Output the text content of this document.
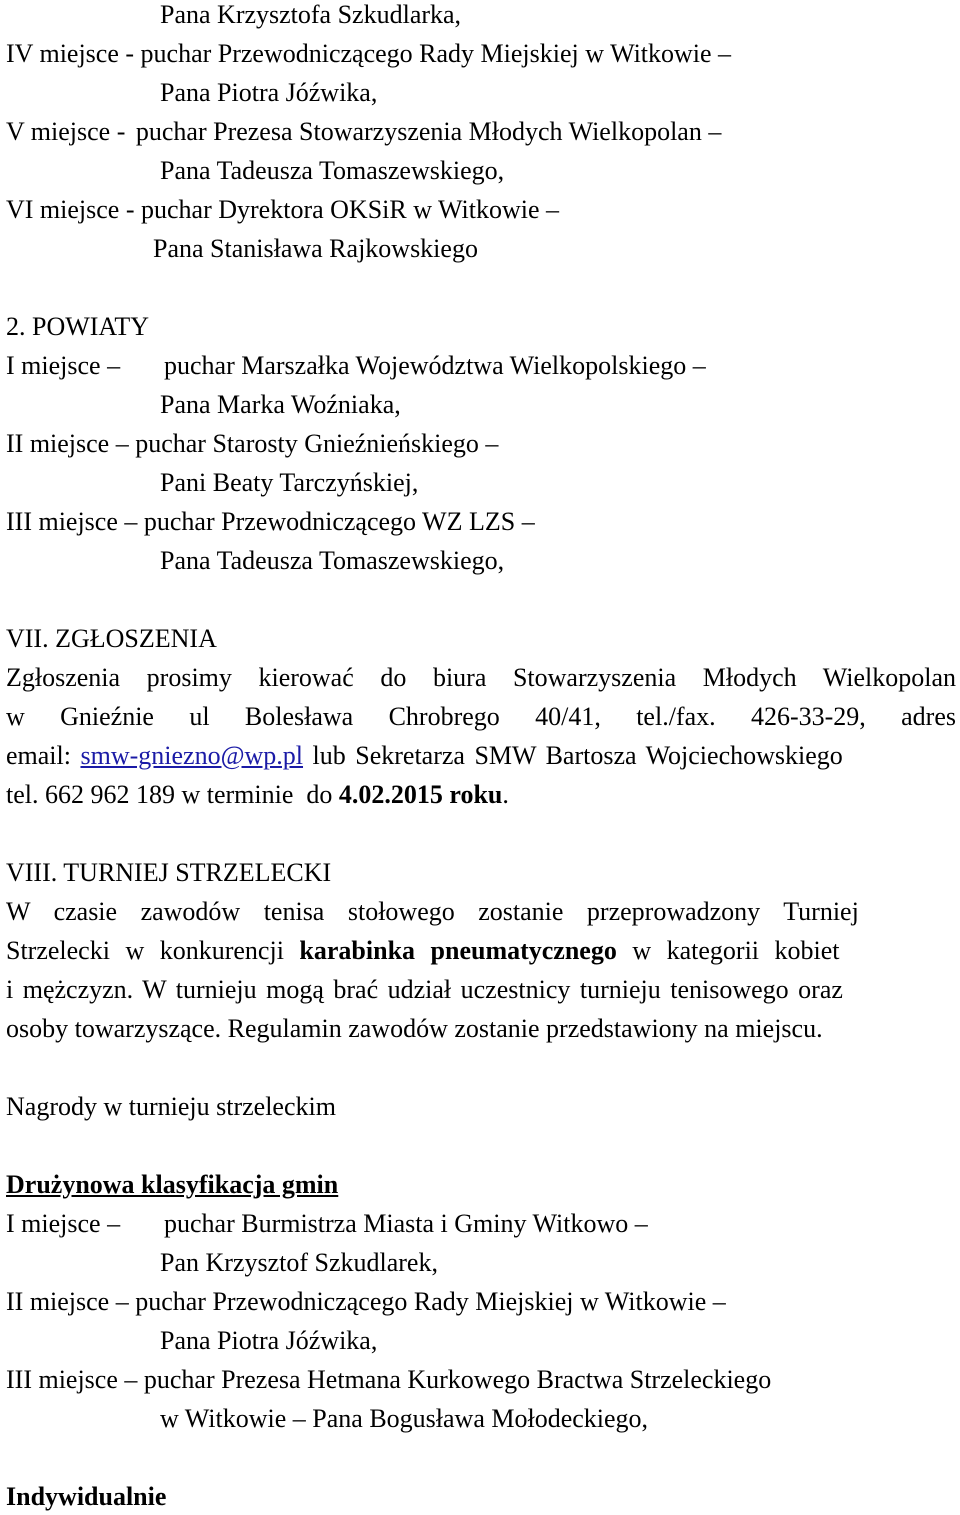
Pana Krzysztofa Szkudlarka,
IV miejsce - puchar Przewodniczącego Rady Miejskiej w Witkowie –
Pana Piotra Jóźwika,
V miejsce - puchar Prezesa Stowarzyszenia Młodych Wielkopolan –
Pana Tadeusza Tomaszewskiego,
VI miejsce - puchar Dyrektora OKSiR w Witkowie –
Pana Stanisława Rajkowskiego
2. POWIATY
I miejsce – puchar Marszałka Województwa Wielkopolskiego –
Pana Marka Woźniaka,
II miejsce – puchar Starosty Gnieźnieńskiego –
Pani Beaty Tarczyńskiej,
III miejsce – puchar Przewodniczącego WZ LZS –
Pana Tadeusza Tomaszewskiego,
VII. ZGŁOSZENIA
Zgłoszenia prosimy kierować do biura Stowarzyszenia Młodych Wielkopolan
w Gnieźnie ul Bolesława Chrobrego 40/41, tel./fax. 426-33-29, adres
email: smw-gniezno@wp.pl lub Sekretarza SMW Bartosza Wojciechowskiego
tel. 662 962 189 w terminie  do 4.02.2015 roku.
VIII. TURNIEJ STRZELECKI
W czasie zawodów tenisa stołowego zostanie przeprowadzony Turniej
Strzelecki w konkurencji karabinka pneumatycznego w kategorii kobiet
i mężczyzn. W turnieju mogą brać udział uczestnicy turnieju tenisowego oraz
osoby towarzyszące. Regulamin zawodów zostanie przedstawiony na miejscu.
Nagrody w turnieju strzeleckim
Drużynowa klasyfikacja gmin
I miejsce – puchar Burmistrza Miasta i Gminy Witkowo –
Pan Krzysztof Szkudlarek,
II miejsce – puchar Przewodniczącego Rady Miejskiej w Witkowie –
Pana Piotra Jóźwika,
III miejsce – puchar Prezesa Hetmana Kurkowego Bractwa Strzeleckiego
w Witkowie – Pana Bogusława Mołodeckiego,
Indywidualnie
